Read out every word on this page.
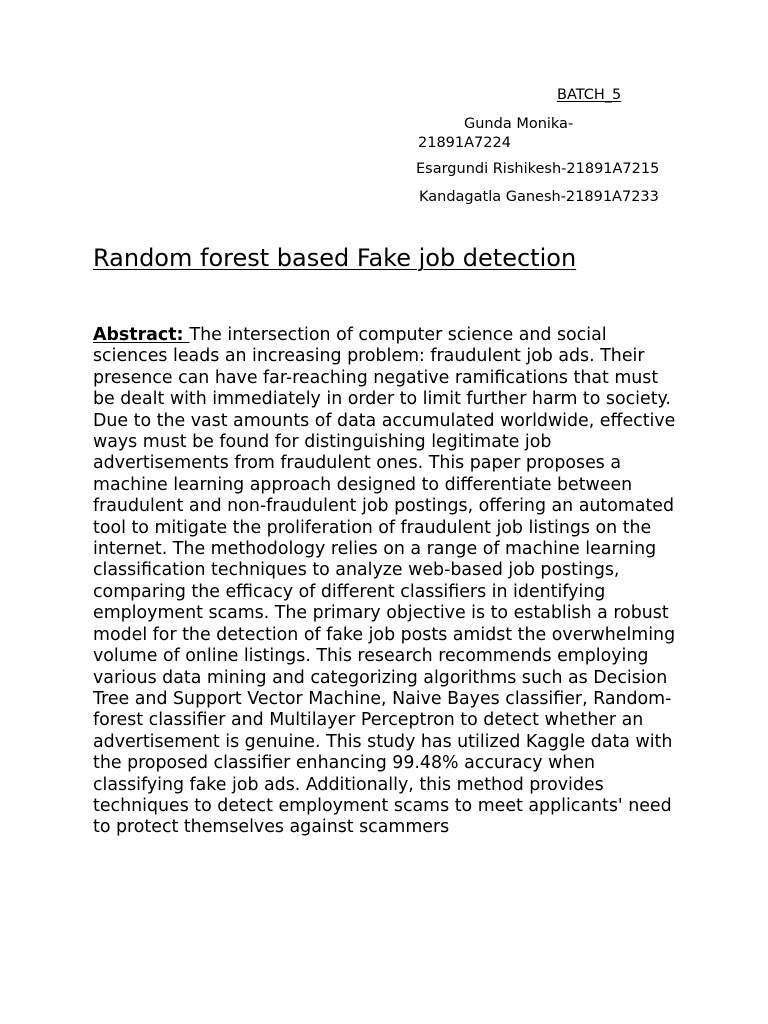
BATCH_5
Gunda Monika-21891A7224
Esargundi Rishikesh-21891A7215
Kandagatla Ganesh-21891A7233
Random forest based Fake job detection

Abstract: The intersection of computer science and social sciences leads an increasing problem: fraudulent job ads. Their presence can have far-reaching negative ramifications that must be dealt with immediately in order to limit further harm to society. Due to the vast amounts of data accumulated worldwide, effective ways must be found for distinguishing legitimate job advertisements from fraudulent ones. This paper proposes a machine learning approach designed to differentiate between fraudulent and non-fraudulent job postings, offering an automated tool to mitigate the proliferation of fraudulent job listings on the internet. The methodology relies on a range of machine learning classification techniques to analyze web-based job postings, comparing the efficacy of different classifiers in identifying employment scams. The primary objective is to establish a robust model for the detection of fake job posts amidst the overwhelming volume of online listings. This research recommends employing various data mining and categorizing algorithms such as Decision Tree and Support Vector Machine, Naive Bayes classifier, Random-forest classifier and Multilayer Perceptron to detect whether an advertisement is genuine. This study has utilized Kaggle data with the proposed classifier enhancing 99.48% accuracy when classifying fake job ads. Additionally, this method provides techniques to detect employment scams to meet applicants' need to protect themselves against scammers
